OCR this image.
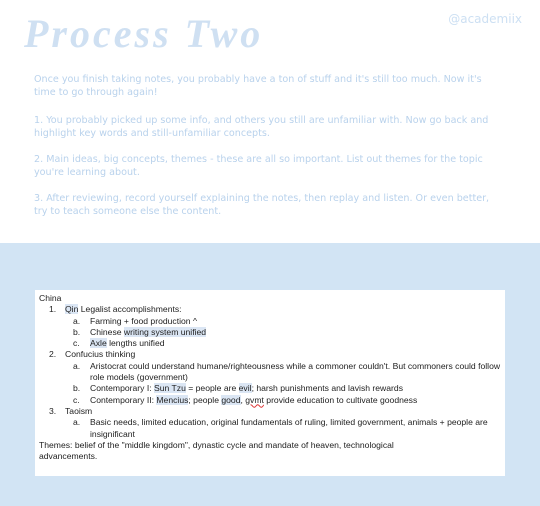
Process Two	@academiix
Once you finish taking notes, you probably have a ton of stuff and it's still too much. Now it's time to go through again!
1. You probably picked up some info, and others you still are unfamiliar with. Now go back and highlight key words and still-unfamiliar concepts.
2. Main ideas, big concepts, themes - these are all so important. List out themes for the topic you're learning about.
3. After reviewing, record yourself explaining the notes, then replay and listen. Or even better, try to teach someone else the content.
China
1. Qin Legalist accomplishments:
a. Farming + food production ^
b. Chinese writing system unified
c. Axle lengths unified
2. Confucius thinking
a. Aristocrat could understand humane/righteousness while a commoner couldn't. But commoners could follow role models (government)
b. Contemporary I: Sun Tzu = people are evil; harsh punishments and lavish rewards
c. Contemporary II: Mencius; people good, gvmt provide education to cultivate goodness
3. Taoism
a. Basic needs, limited education, original fundamentals of ruling, limited government, animals + people are insignificant
Themes: belief of the "middle kingdom", dynastic cycle and mandate of heaven, technological advancements.
